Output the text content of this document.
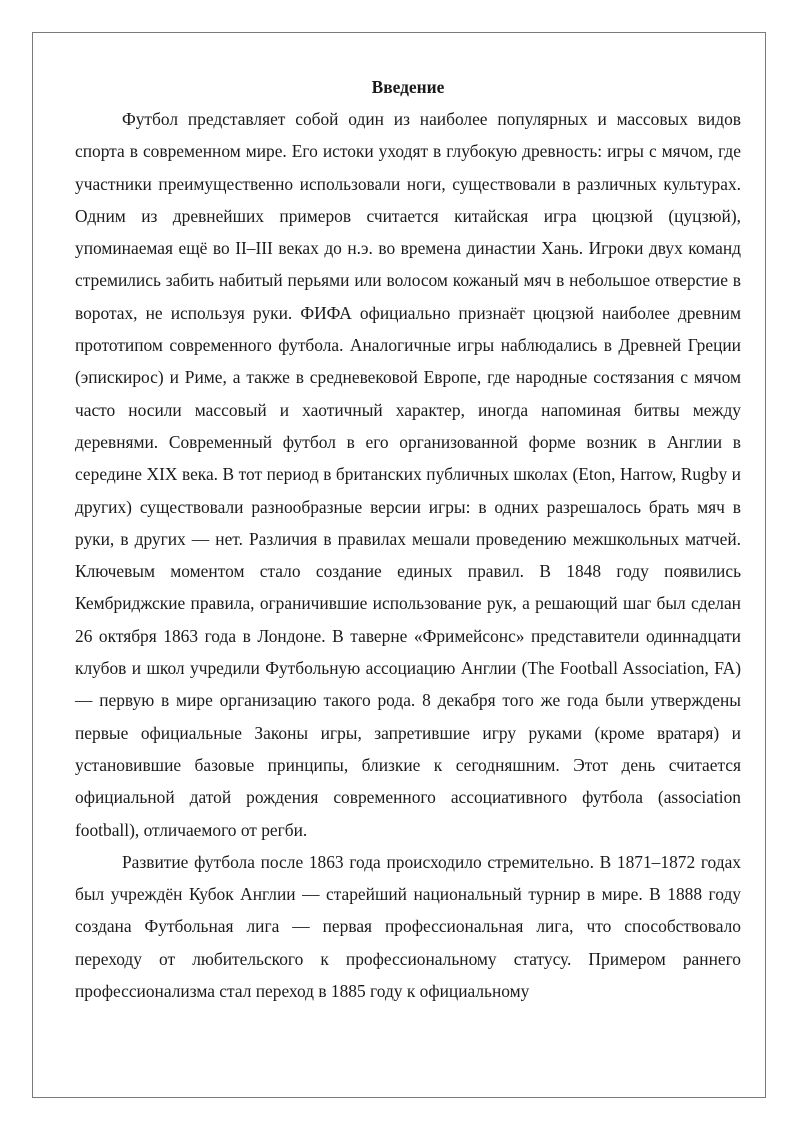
Введение

Футбол представляет собой один из наиболее популярных и массовых видов спорта в современном мире. Его истоки уходят в глубокую древность: игры с мячом, где участники преимущественно использовали ноги, существовали в различных культурах. Одним из древнейших примеров считается китайская игра цюцзюй (цуцзюй), упоминаемая ещё во II–III веках до н.э. во времена династии Хань. Игроки двух команд стремились забить набитый перьями или волосом кожаный мяч в небольшое отверстие в воротах, не используя руки. ФИФА официально признаёт цюцзюй наиболее древним прототипом современного футбола. Аналогичные игры наблюдались в Древней Греции (эпискирос) и Риме, а также в средневековой Европе, где народные состязания с мячом часто носили массовый и хаотичный характер, иногда напоминая битвы между деревнями. Современный футбол в его организованной форме возник в Англии в середине XIX века. В тот период в британских публичных школах (Eton, Harrow, Rugby и других) существовали разнообразные версии игры: в одних разрешалось брать мяч в руки, в других — нет. Различия в правилах мешали проведению межшкольных матчей. Ключевым моментом стало создание единых правил. В 1848 году появились Кембриджские правила, ограничившие использование рук, а решающий шаг был сделан 26 октября 1863 года в Лондоне. В таверне «Фримейсонс» представители одиннадцати клубов и школ учредили Футбольную ассоциацию Англии (The Football Association, FA) — первую в мире организацию такого рода. 8 декабря того же года были утверждены первые официальные Законы игры, запретившие игру руками (кроме вратаря) и установившие базовые принципы, близкие к сегодняшним. Этот день считается официальной датой рождения современного ассоциативного футбола (association football), отличаемого от регби.

Развитие футбола после 1863 года происходило стремительно. В 1871–1872 годах был учреждён Кубок Англии — старейший национальный турнир в мире. В 1888 году создана Футбольная лига — первая профессиональная лига, что способствовало переходу от любительского к профессиональному статусу. Примером раннего профессионализма стал переход в 1885 году к официальному
